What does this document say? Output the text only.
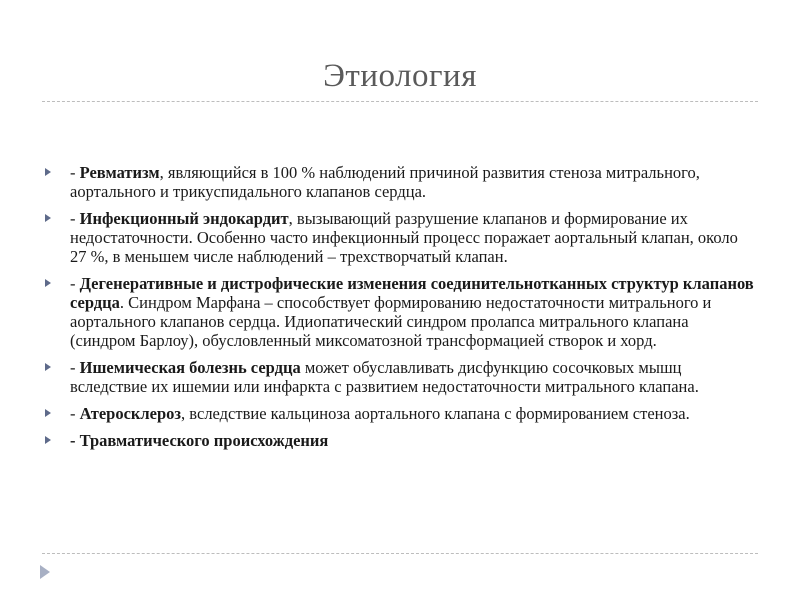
Этиология
- Ревматизм, являющийся в 100 % наблюдений причиной развития стеноза митрального, аортального и трикуспидального клапанов сердца.
- Инфекционный эндокардит, вызывающий разрушение клапанов и формирование их недостаточности. Особенно часто инфекционный процесс поражает аортальный клапан, около 27 %, в меньшем числе наблюдений – трехстворчатый клапан.
- Дегенеративные и дистрофические изменения соединительнотканных структур клапанов сердца. Синдром Марфана – способствует формированию недостаточности митрального и аортального клапанов сердца. Идиопатический синдром пролапса митрального клапана (синдром Барлоу), обусловленный миксоматозной трансформацией створок и хорд.
- Ишемическая болезнь сердца может обуславливать дисфункцию сосочковых мышц вследствие их ишемии или инфаркта с развитием недостаточности митрального клапана.
- Атеросклероз, вследствие кальциноза аортального клапана с формированием стеноза.
- Травматического происхождения
